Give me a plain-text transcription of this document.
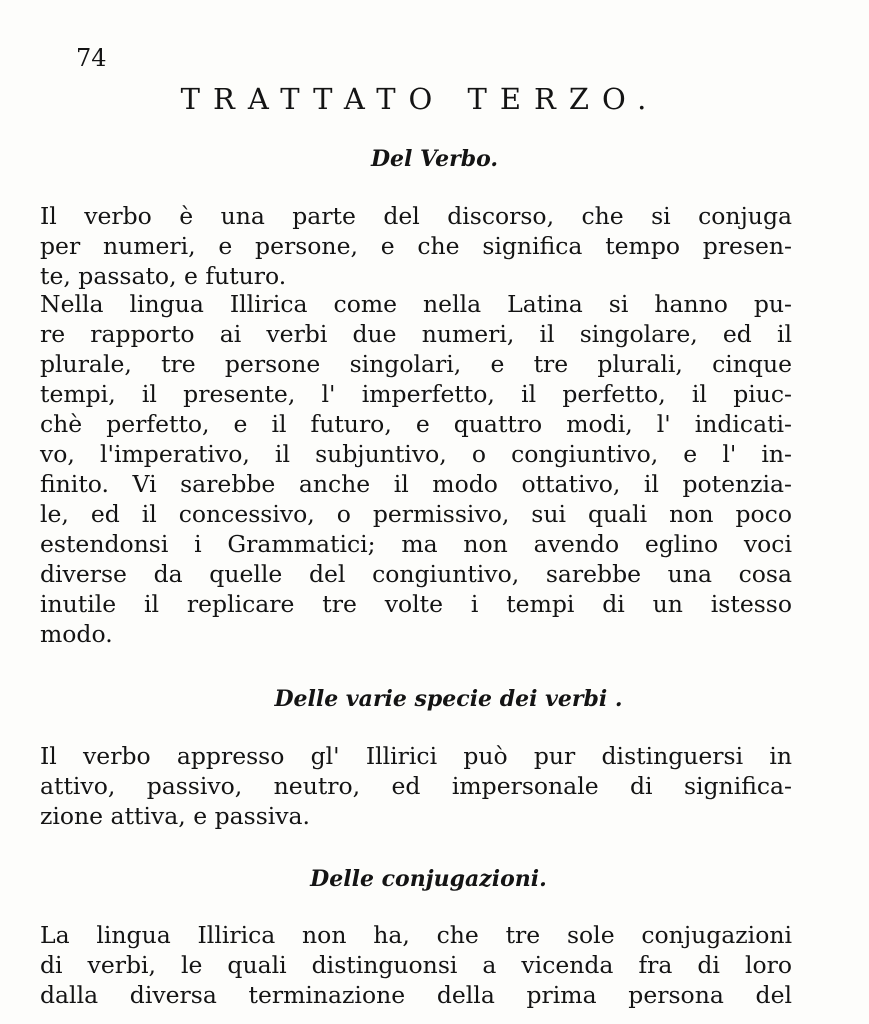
74

TRATTATO TERZO.
Del Verbo.
Il verbo è una parte del discorso, che si conjuga
per numeri, e persone, e che significa tempo presen-
te, passato, e futuro.
Nella lingua Illirica come nella Latina si hanno pu-
re rapporto ai verbi due numeri, il singolare, ed il
plurale, tre persone singolari, e tre plurali, cinque
tempi, il presente, l' imperfetto, il perfetto, il piuc-
chè perfetto, e il futuro, e quattro modi, l' indicati-
vo, l'imperativo, il subjuntivo, o congiuntivo, e l' in-
finito. Vi sarebbe anche il modo ottativo, il potenzia-
le, ed il concessivo, o permissivo, sui quali non poco
estendonsi i Grammatici; ma non avendo eglino voci
diverse da quelle del congiuntivo, sarebbe una cosa
inutile il replicare tre volte i tempi di un istesso
modo.
Delle varie specie dei verbi .
Il verbo appresso gl' Illirici può pur distinguersi in
attivo, passivo, neutro, ed impersonale di significa-
zione attiva, e passiva.
Delle conjugazioni.
La lingua Illirica non ha, che tre sole conjugazioni
di verbi, le quali distinguonsi a vicenda fra di loro
dalla diversa terminazione della prima persona del
